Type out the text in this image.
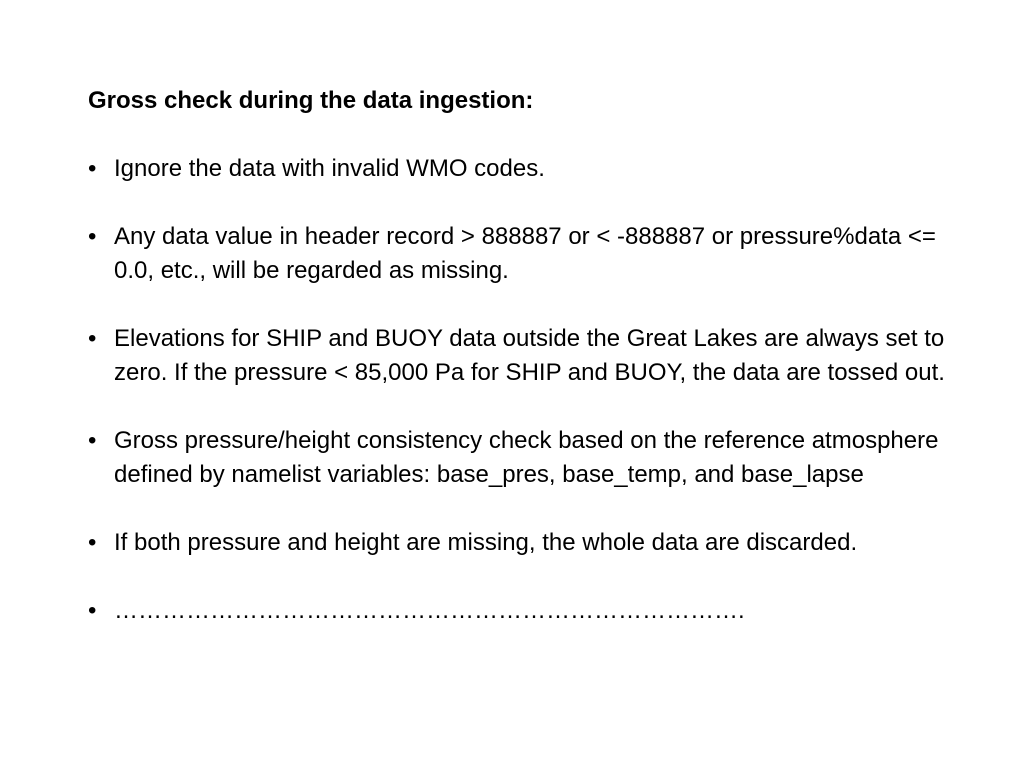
Gross check during the data ingestion:
• Ignore the data with invalid WMO codes.
• Any data value in header record > 888887 or < -888887 or pressure%data <= 0.0, etc., will be regarded as missing.
• Elevations for SHIP and BUOY data outside the Great Lakes are always set to zero. If the pressure < 85,000 Pa for SHIP and BUOY, the data are tossed out.
• Gross pressure/height consistency check based on the reference atmosphere defined by namelist variables: base_pres, base_temp, and base_lapse
• If both pressure and height are missing, the whole data are discarded.
• …………………………………………………………………….
